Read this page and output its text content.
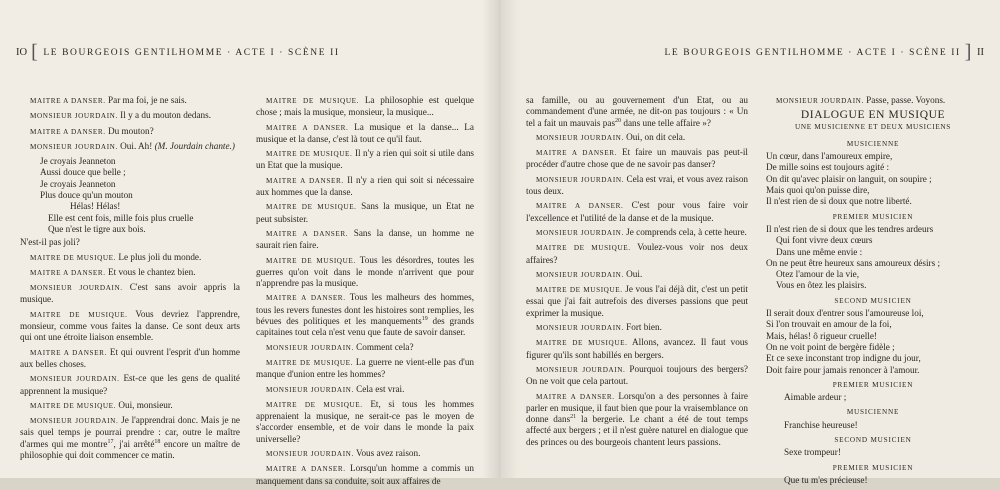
IO [ LE BOURGEOIS GENTILHOMME · ACTE I · SCÈNE II

MAITRE A DANSER. Par ma foi, je ne sais.

MONSIEUR JOURDAIN. Il y a du mouton dedans.

MAITRE A DANSER. Du mouton?

MONSIEUR JOURDAIN. Oui. Ah! (M. Jourdain chante.)

Je croyais Jeanneton
Aussi douce que belle ;
Je croyais Jeanneton
Plus douce qu'un mouton
Hélas! Hélas!
Elle est cent fois, mille fois plus cruelle
Que n'est le tigre aux bois.

N'est-il pas joli?

MAITRE DE MUSIQUE. Le plus joli du monde.

MAITRE A DANSER. Et vous le chantez bien.

MONSIEUR JOURDAIN. C'est sans avoir appris la musique.

MAITRE DE MUSIQUE. Vous devriez l'apprendre, monsieur, comme vous faites la danse. Ce sont deux arts qui ont une étroite liaison ensemble.

MAITRE A DANSER. Et qui ouvrent l'esprit d'un homme aux belles choses.

MONSIEUR JOURDAIN. Est-ce que les gens de qualité apprennent la musique?

MAITRE DE MUSIQUE. Oui, monsieur.

MONSIEUR JOURDAIN. Je l'apprendrai donc. Mais je ne sais quel temps je pourrai prendre : car, outre le maître d'armes qui me montre$^{17}$, j'ai arrêté$^{18}$ encore un maître de philosophie qui doit commencer ce matin.

MAITRE DE MUSIQUE. La philosophie est quelque chose ; mais la musique, monsieur, la musique...

MAITRE A DANSER. La musique et la danse... La musique et la danse, c'est là tout ce qu'il faut.

MAITRE DE MUSIQUE. Il n'y a rien qui soit si utile dans un Etat que la musique.

MAITRE A DANSER. Il n'y a rien qui soit si nécessaire aux hommes que la danse.

MAITRE DE MUSIQUE. Sans la musique, un Etat ne peut subsister.

MAITRE A DANSER. Sans la danse, un homme ne saurait rien faire.

MAITRE DE MUSIQUE. Tous les désordres, toutes les guerres qu'on voit dans le monde n'arrivent que pour n'apprendre pas la musique.

MAITRE A DANSER. Tous les malheurs des hommes, tous les revers funestes dont les histoires sont remplies, les bévues des politiques et les manquements$^{19}$ des grands capitaines tout cela n'est venu que faute de savoir danser.

MONSIEUR JOURDAIN. Comment cela?

MAITRE DE MUSIQUE. La guerre ne vient-elle pas d'un manque d'union entre les hommes?

MONSIEUR JOURDAIN. Cela est vrai.

MAITRE DE MUSIQUE. Et, si tous les hommes apprenaient la musique, ne serait-ce pas le moyen de s'accorder ensemble, et de voir dans le monde la paix universelle?

MONSIEUR JOURDAIN. Vous avez raison.

MAITRE A DANSER. Lorsqu'un homme a commis un manquement dans sa conduite, soit aux affaires de

LE BOURGEOIS GENTILHOMME · ACTE I · SCÈNE II ] II

sa famille, ou au gouvernement d'un Etat, ou au commandement d'une armée, ne dit-on pas toujours : « Un tel a fait un mauvais pas$^{20}$ dans une telle affaire »?

MONSIEUR JOURDAIN. Oui, on dit cela.

MAITRE A DANSER. Et faire un mauvais pas peut-il procéder d'autre chose que de ne savoir pas danser?

MONSIEUR JOURDAIN. Cela est vrai, et vous avez raison tous deux.

MAITRE A DANSER. C'est pour vous faire voir l'excellence et l'utilité de la danse et de la musique.

MONSIEUR JOURDAIN. Je comprends cela, à cette heure.

MAITRE DE MUSIQUE. Voulez-vous voir nos deux affaires?

MONSIEUR JOURDAIN. Oui.

MAITRE DE MUSIQUE. Je vous l'ai déjà dit, c'est un petit essai que j'ai fait autrefois des diverses passions que peut exprimer la musique.

MONSIEUR JOURDAIN. Fort bien.

MAITRE DE MUSIQUE. Allons, avancez. Il faut vous figurer qu'ils sont habillés en bergers.

MONSIEUR JOURDAIN. Pourquoi toujours des bergers? On ne voit que cela partout.

MAITRE A DANSER. Lorsqu'on a des personnes à faire parler en musique, il faut bien que pour la vraisemblance on donne dans$^{21}$ la bergerie. Le chant a été de tout temps affecté aux bergers ; et il n'est guère naturel en dialogue que des princes ou des bourgeois chantent leurs passions.

MONSIEUR JOURDAIN. Passe, passe. Voyons.

DIALOGUE EN MUSIQUE
UNE MUSICIENNE ET DEUX MUSICIENS
MUSICIENNE
Un cœur, dans l'amoureux empire,
De mille soins est toujours agité :
On dit qu'avec plaisir on languit, on soupire ;
Mais quoi qu'on puisse dire,
Il n'est rien de si doux que notre liberté.
PREMIER MUSICIEN
Il n'est rien de si doux que les tendres ardeurs
Qui font vivre deux cœurs
Dans une même envie :
On ne peut être heureux sans amoureux désirs ;
Otez l'amour de la vie,
Vous en ôtez les plaisirs.
SECOND MUSICIEN
Il serait doux d'entrer sous l'amoureuse loi,
Si l'on trouvait en amour de la foi,
Mais, hélas! ô rigueur cruelle!
On ne voit point de bergère fidèle ;
Et ce sexe inconstant trop indigne du jour,
Doit faire pour jamais renoncer à l'amour.
PREMIER MUSICIEN
Aimable ardeur ;
MUSICIENNE
Franchise heureuse!
SECOND MUSICIEN
Sexe trompeur!
PREMIER MUSICIEN
Que tu m'es précieuse!
